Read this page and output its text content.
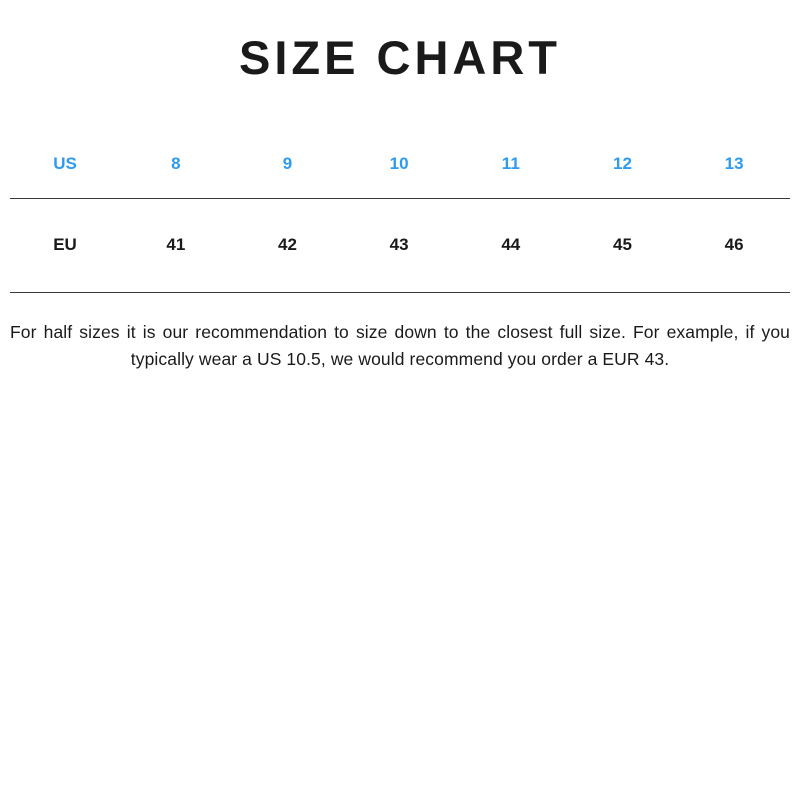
SIZE CHART
US	8	9	10	11	12	13
EU	41	42	43	44	45	46

For half sizes it is our recommendation to size down to the closest full size. For example, if you typically wear a US 10.5, we would recommend you order a EUR 43.
